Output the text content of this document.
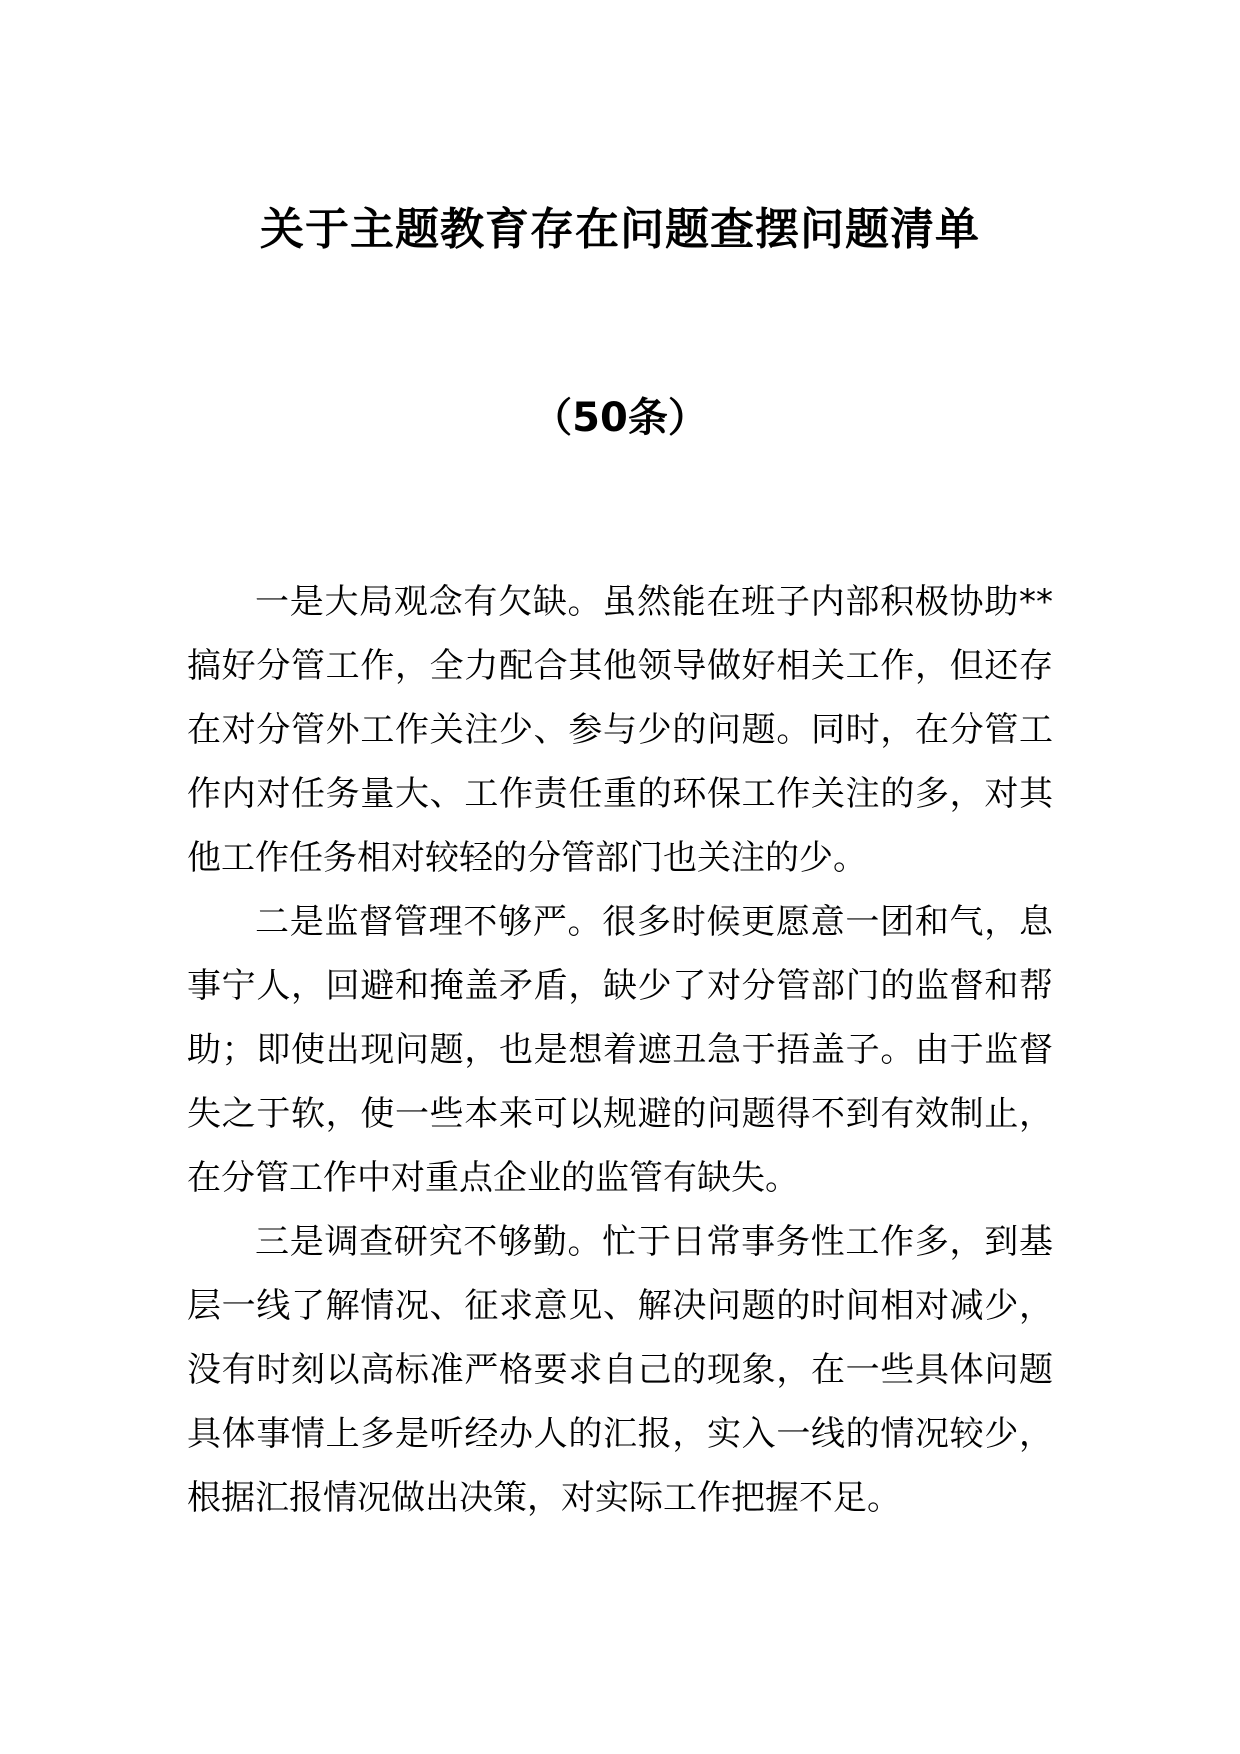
关于主题教育存在问题查摆问题清单
（50条）

一是大局观念有欠缺。虽然能在班子内部积极协助**搞好分管工作，全力配合其他领导做好相关工作，但还存在对分管外工作关注少、参与少的问题。同时，在分管工作内对任务量大、工作责任重的环保工作关注的多，对其他工作任务相对较轻的分管部门也关注的少。

二是监督管理不够严。很多时候更愿意一团和气，息事宁人，回避和掩盖矛盾，缺少了对分管部门的监督和帮助；即使出现问题，也是想着遮丑急于捂盖子。由于监督失之于软，使一些本来可以规避的问题得不到有效制止，在分管工作中对重点企业的监管有缺失。

三是调查研究不够勤。忙于日常事务性工作多，到基层一线了解情况、征求意见、解决问题的时间相对减少，没有时刻以高标准严格要求自己的现象，在一些具体问题具体事情上多是听经办人的汇报，实入一线的情况较少，根据汇报情况做出决策，对实际工作把握不足。
